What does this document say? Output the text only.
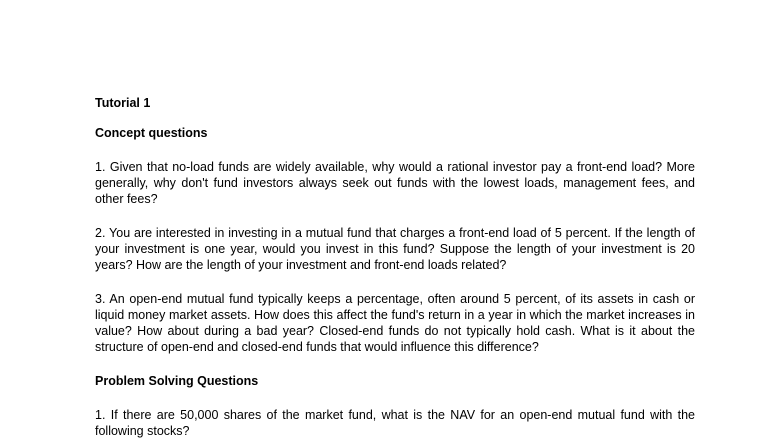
Tutorial 1

Concept questions

1. Given that no-load funds are widely available, why would a rational investor pay a front-end load? More generally, why don't fund investors always seek out funds with the lowest loads, management fees, and other fees?

2. You are interested in investing in a mutual fund that charges a front-end load of 5 percent. If the length of your investment is one year, would you invest in this fund? Suppose the length of your investment is 20 years? How are the length of your investment and front-end loads related?

3. An open-end mutual fund typically keeps a percentage, often around 5 percent, of its assets in cash or liquid money market assets. How does this affect the fund's return in a year in which the market increases in value? How about during a bad year? Closed-end funds do not typically hold cash. What is it about the structure of open-end and closed-end funds that would influence this difference?

Problem Solving Questions

1. If there are 50,000 shares of the market fund, what is the NAV for an open-end mutual fund with the following stocks?
